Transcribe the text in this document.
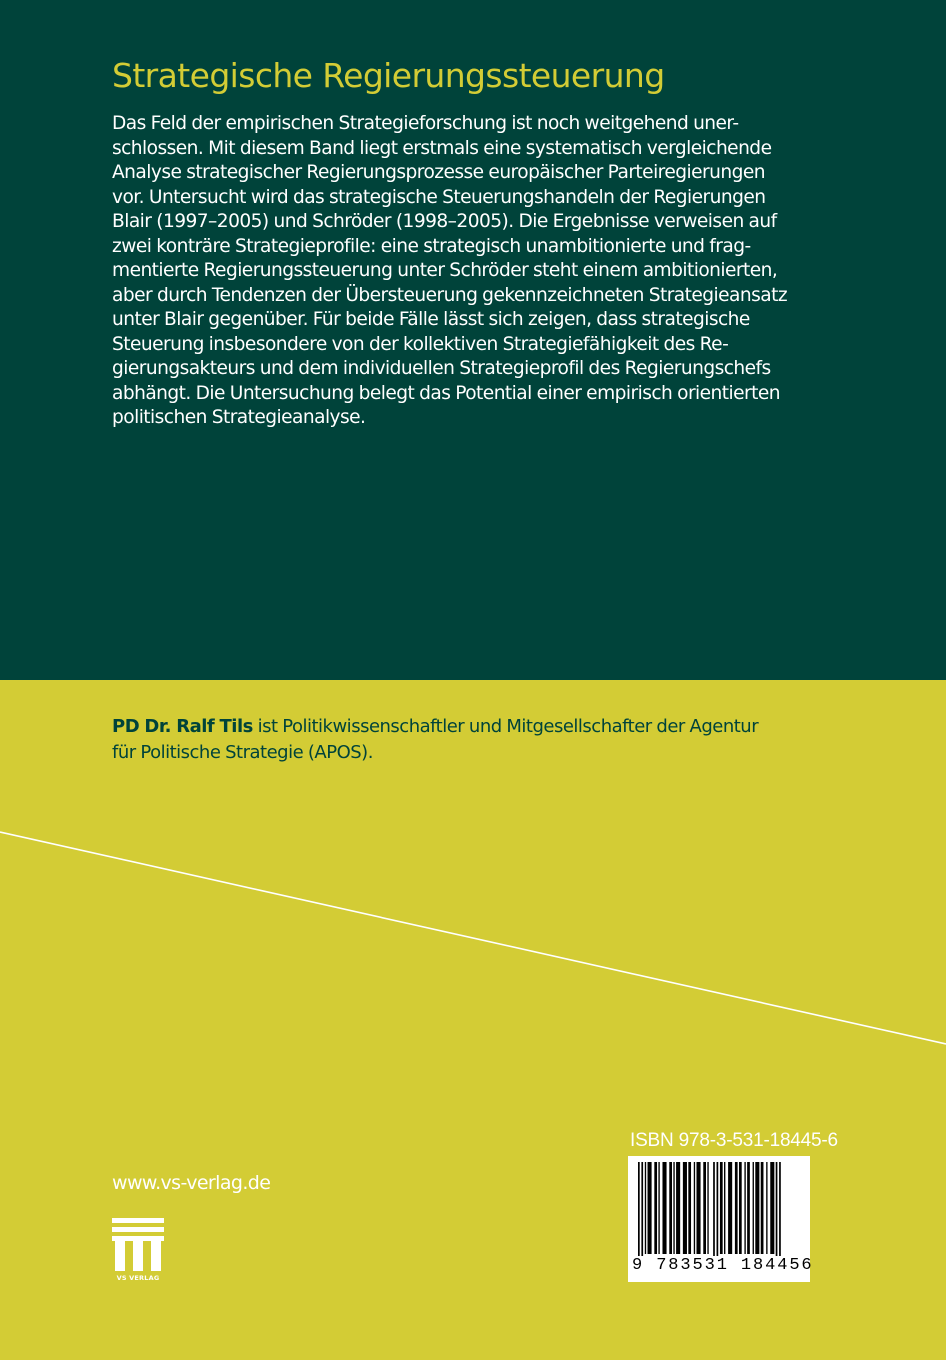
Strategische Regierungssteuerung
Das Feld der empirischen Strategieforschung ist noch weitgehend uner-
schlossen. Mit diesem Band liegt erstmals eine systematisch vergleichende
Analyse strategischer Regierungsprozesse europäischer Parteiregierungen
vor. Untersucht wird das strategische Steuerungshandeln der Regierungen
Blair (1997–2005) und Schröder (1998–2005). Die Ergebnisse verweisen auf
zwei konträre Strategieprofile: eine strategisch unambitionierte und frag-
mentierte Regierungssteuerung unter Schröder steht einem ambitionierten,
aber durch Tendenzen der Übersteuerung gekennzeichneten Strategieansatz
unter Blair gegenüber. Für beide Fälle lässt sich zeigen, dass strategische
Steuerung insbesondere von der kollektiven Strategiefähigkeit des Re-
gierungsakteurs und dem individuellen Strategieprofil des Regierungschefs
abhängt. Die Untersuchung belegt das Potential einer empirisch orientierten
politischen Strategieanalyse.
PD Dr. Ralf Tils ist Politikwissenschaftler und Mitgesellschafter der Agentur
für Politische Strategie (APOS).
www.vs-verlag.de
VS VERLAG
ISBN 978-3-531-18445-6
9 783531 184456
